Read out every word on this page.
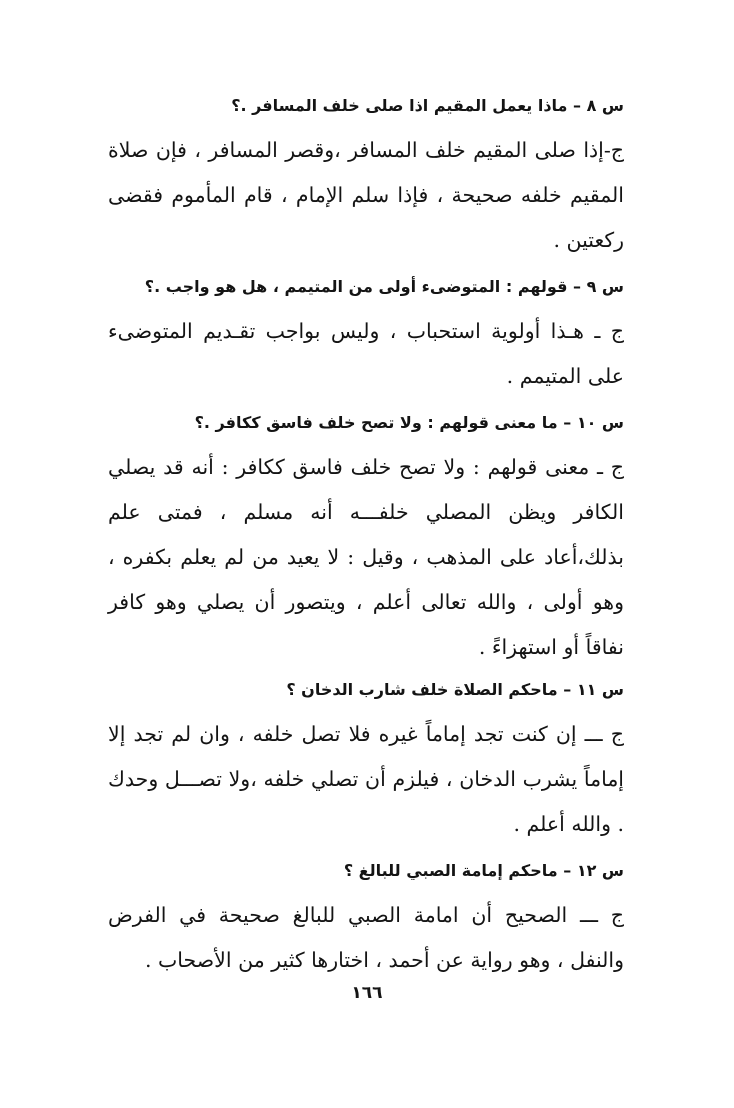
س ٨ – ماذا يعمل المقيم اذا صلى خلف المسافر .؟
ج-إذا صلى المقيم خلف المسافر ،وقصر المسافر ، فإن صلاة المقيم خلفه صحيحة ، فإذا سلم الإمام ، قام المأموم فقضى ركعتين .
س ٩ – قولهم : المتوضىء أولى من المتيمم ، هل هو واجب .؟
ج ـ هـذا أولوية استحباب ، وليس بواجب تقـديم المتوضىء على المتيمم .
س ١٠ – ما معنى قولهم : ولا تصح خلف فاسق ككافر .؟
ج ـ معنى قولهم : ولا تصح خلف فاسق ككافر : أنه قد يصلي الكافر ويظن المصلي خلفـــه أنه مسلم ، فمتى علم بذلك،أعاد على المذهب ، وقيل : لا يعيد من لم يعلم بكفره ، وهو أولى ، والله تعالى أعلم ، ويتصور أن يصلي وهو كافر نفاقاً أو استهزاءً .
س ١١ – ماحكم الصلاة خلف شارب الدخان ؟
ج ـــ إن كنت تجد إماماً غيره فلا تصل خلفه ، وان لم تجد إلا إماماً يشرب الدخان ، فيلزم أن تصلي خلفه ،ولا تصـــل وحدك . والله أعلم .
س ١٢ – ماحكم إمامة الصبي للبالغ ؟
ج ـــ الصحيح أن امامة الصبي للبالغ صحيحة في الفرض والنفل ، وهو رواية عن أحمد ، اختارها كثير من الأصحاب .
١٦٦
